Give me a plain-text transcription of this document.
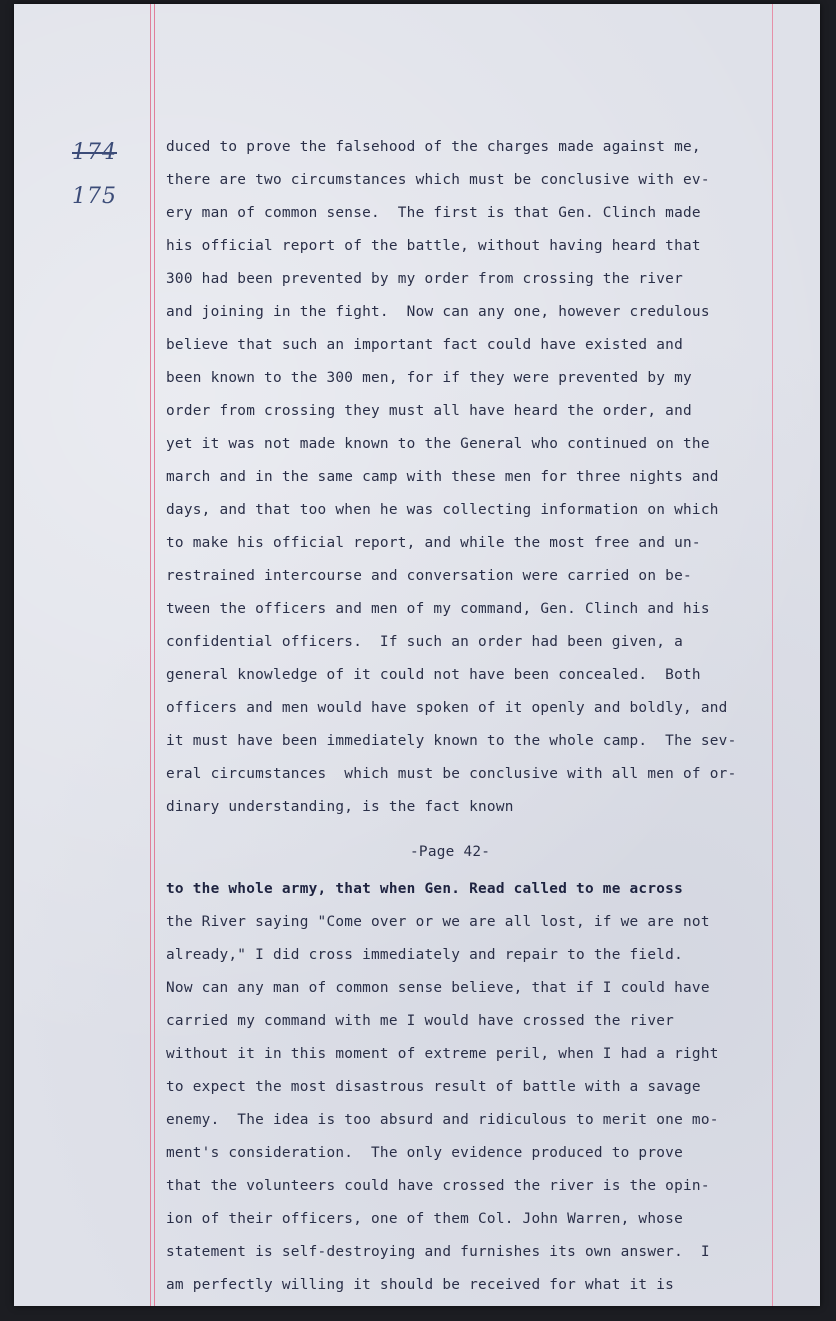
174
175
duced to prove the falsehood of the charges made against me,
there are two circumstances which must be conclusive with ev-
ery man of common sense.  The first is that Gen. Clinch made
his official report of the battle, without having heard that
300 had been prevented by my order from crossing the river
and joining in the fight.  Now can any one, however credulous
believe that such an important fact could have existed and
been known to the 300 men, for if they were prevented by my
order from crossing they must all have heard the order, and
yet it was not made known to the General who continued on the
march and in the same camp with these men for three nights and
days, and that too when he was collecting information on which
to make his official report, and while the most free and un-
restrained intercourse and conversation were carried on be-
tween the officers and men of my command, Gen. Clinch and his
confidential officers.  If such an order had been given, a
general knowledge of it could not have been concealed.  Both
officers and men would have spoken of it openly and boldly, and
it must have been immediately known to the whole camp.  The sev-
eral circumstances  which must be conclusive with all men of or-
dinary understanding, is the fact known
-Page 42-
to the whole army, that when Gen. Read called to me across
the River saying "Come over or we are all lost, if we are not
already," I did cross immediately and repair to the field.
Now can any man of common sense believe, that if I could have
carried my command with me I would have crossed the river
without it in this moment of extreme peril, when I had a right
to expect the most disastrous result of battle with a savage
enemy.  The idea is too absurd and ridiculous to merit one mo-
ment's consideration.  The only evidence produced to prove
that the volunteers could have crossed the river is the opin-
ion of their officers, one of them Col. John Warren, whose
statement is self-destroying and furnishes its own answer.  I
am perfectly willing it should be received for what it is
